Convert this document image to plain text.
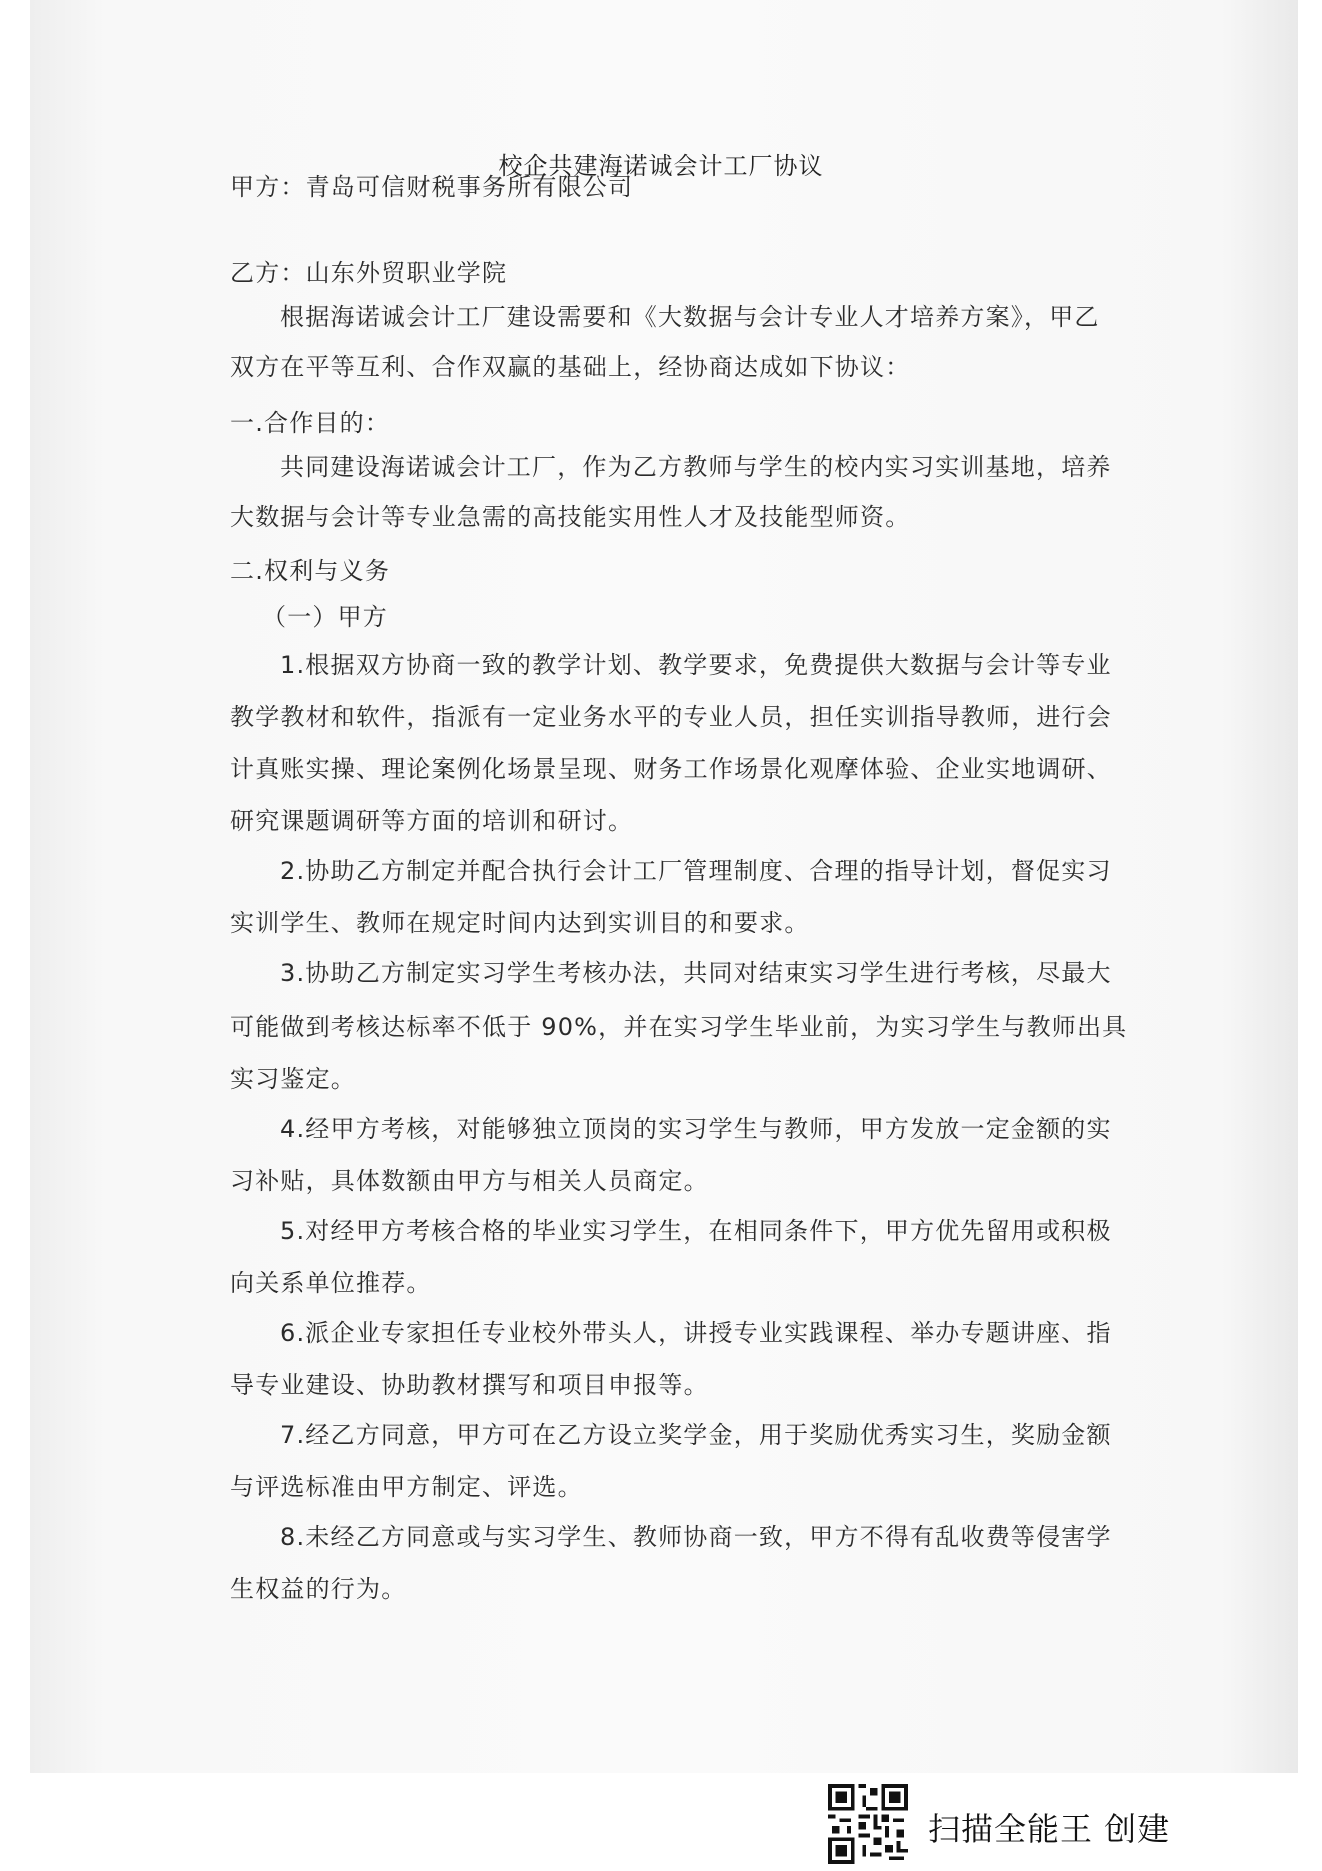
校企共建海诺诚会计工厂协议
甲方：青岛可信财税事务所有限公司
乙方：山东外贸职业学院
根据海诺诚会计工厂建设需要和《大数据与会计专业人才培养方案》，甲乙
双方在平等互利、合作双赢的基础上，经协商达成如下协议：
一.合作目的：
共同建设海诺诚会计工厂，作为乙方教师与学生的校内实习实训基地，培养
大数据与会计等专业急需的高技能实用性人才及技能型师资。
二.权利与义务
（一）甲方
1.根据双方协商一致的教学计划、教学要求，免费提供大数据与会计等专业
教学教材和软件，指派有一定业务水平的专业人员，担任实训指导教师，进行会
计真账实操、理论案例化场景呈现、财务工作场景化观摩体验、企业实地调研、
研究课题调研等方面的培训和研讨。
2.协助乙方制定并配合执行会计工厂管理制度、合理的指导计划，督促实习
实训学生、教师在规定时间内达到实训目的和要求。
3.协助乙方制定实习学生考核办法，共同对结束实习学生进行考核，尽最大
可能做到考核达标率不低于 90%，并在实习学生毕业前，为实习学生与教师出具
实习鉴定。
4.经甲方考核，对能够独立顶岗的实习学生与教师，甲方发放一定金额的实
习补贴，具体数额由甲方与相关人员商定。
5.对经甲方考核合格的毕业实习学生，在相同条件下，甲方优先留用或积极
向关系单位推荐。
6.派企业专家担任专业校外带头人，讲授专业实践课程、举办专题讲座、指
导专业建设、协助教材撰写和项目申报等。
7.经乙方同意，甲方可在乙方设立奖学金，用于奖励优秀实习生，奖励金额
与评选标准由甲方制定、评选。
8.未经乙方同意或与实习学生、教师协商一致，甲方不得有乱收费等侵害学
生权益的行为。
扫描全能王 创建
